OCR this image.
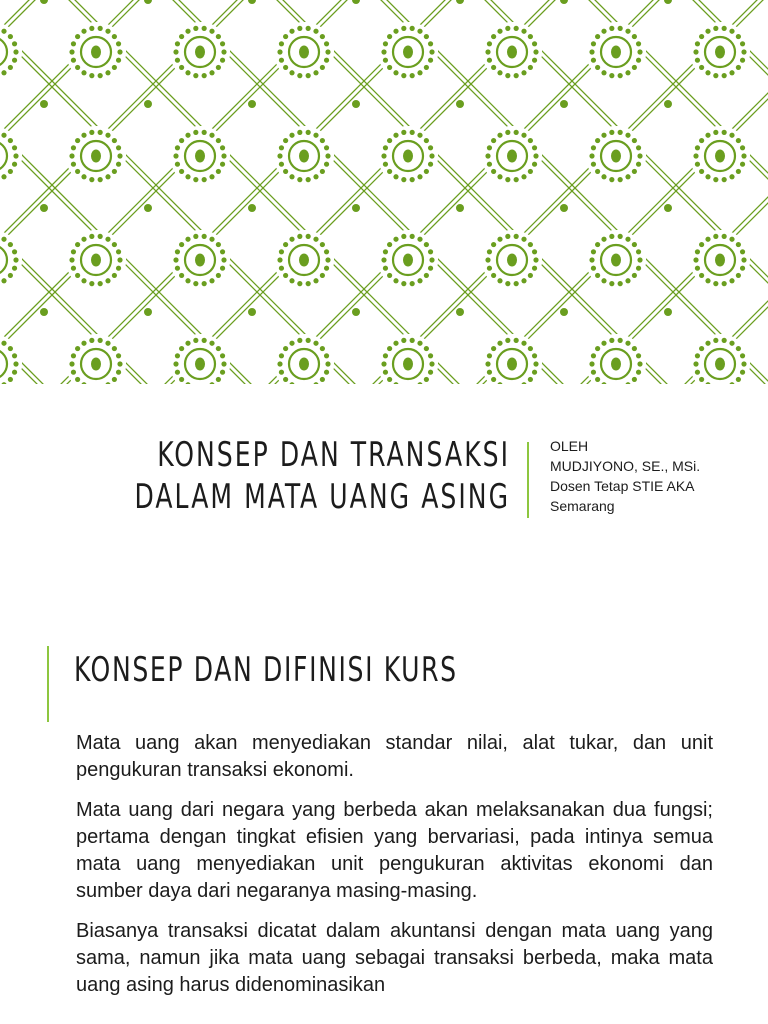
KONSEP DAN TRANSAKSI
DALAM MATA UANG ASING
OLEH
MUDJIYONO, SE., MSi.
Dosen Tetap STIE AKA
Semarang
KONSEP DAN DIFINISI KURS

Mata uang akan menyediakan standar nilai, alat tukar, dan unit pengukuran transaksi ekonomi.

Mata uang dari negara yang berbeda akan melaksanakan dua fungsi; pertama dengan tingkat efisien yang bervariasi, pada intinya semua mata uang menyediakan unit pengukuran aktivitas ekonomi dan sumber daya dari negaranya masing-masing.

Biasanya transaksi dicatat dalam akuntansi dengan mata uang yang sama, namun jika mata uang sebagai transaksi berbeda, maka mata uang asing harus didenominasikan
